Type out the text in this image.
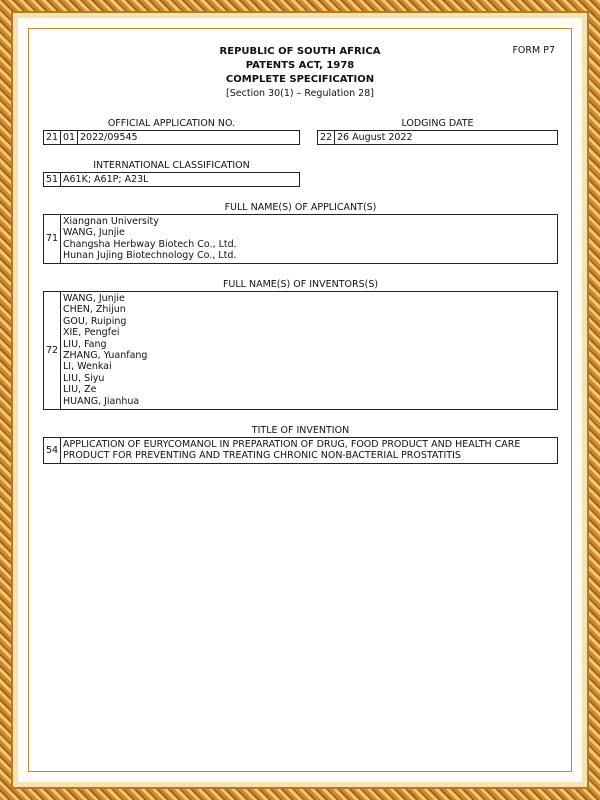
REPUBLIC OF SOUTH AFRICA
PATENTS ACT, 1978
COMPLETE SPECIFICATION
[Section 30(1) – Regulation 28]
FORM P7
OFFICIAL APPLICATION NO.
21 01 2022/09545
LODGING DATE
22 26 August 2022
INTERNATIONAL CLASSIFICATION
51 A61K; A61P; A23L
FULL NAME(S) OF APPLICANT(S)
71
Xiangnan University
WANG, Junjie
Changsha Herbway Biotech Co., Ltd.
Hunan Jujing Biotechnology Co., Ltd.
FULL NAME(S) OF INVENTORS(S)
72
WANG, Junjie
CHEN, Zhijun
GOU, Ruiping
XIE, Pengfei
LIU, Fang
ZHANG, Yuanfang
LI, Wenkai
LIU, Siyu
LIU, Ze
HUANG, Jianhua
TITLE OF INVENTION
54
APPLICATION OF EURYCOMANOL IN PREPARATION OF DRUG, FOOD PRODUCT AND HEALTH CARE
PRODUCT FOR PREVENTING AND TREATING CHRONIC NON-BACTERIAL PROSTATITIS
